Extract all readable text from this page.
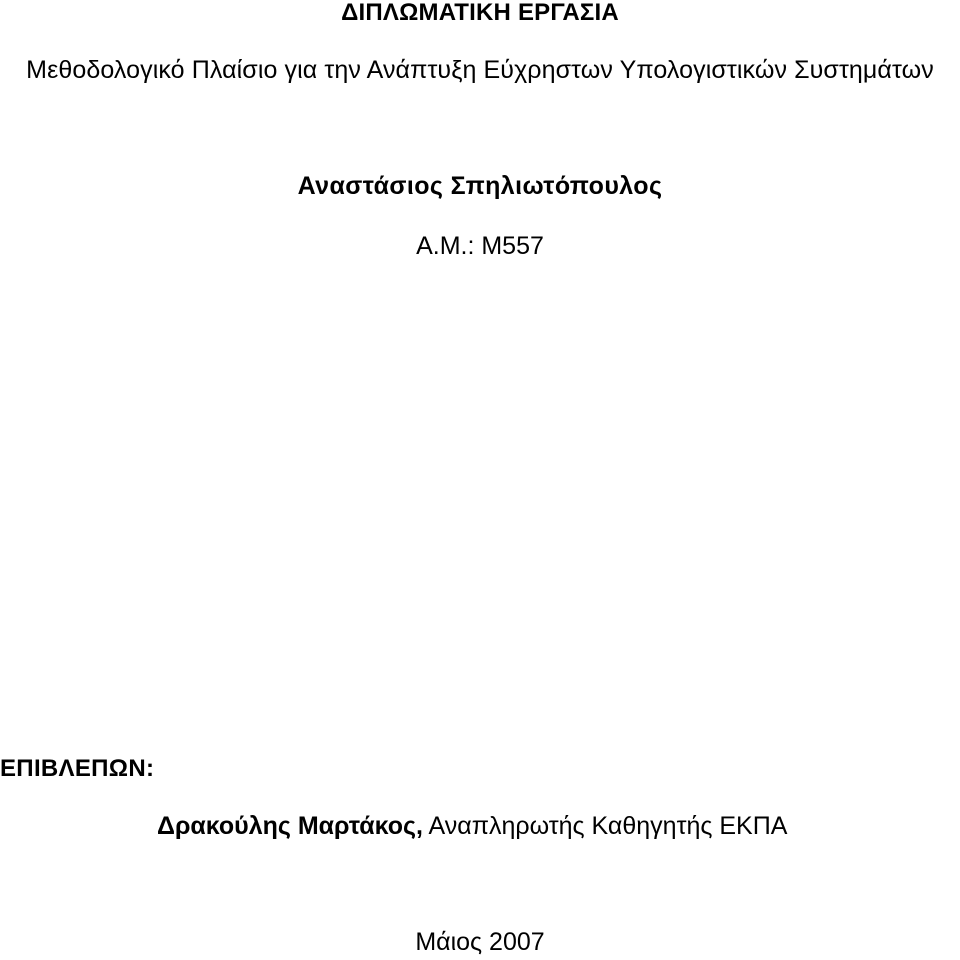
ΔΙΠΛΩΜΑΤΙΚΗ ΕΡΓΑΣΙΑ

Μεθοδολογικό Πλαίσιο για την Ανάπτυξη Εύχρηστων Υπολογιστικών Συστημάτων

Αναστάσιος Σπηλιωτόπουλος

Α.Μ.: Μ557

ΕΠΙΒΛΕΠΩΝ:

Δρακούλης Μαρτάκος, Αναπληρωτής Καθηγητής ΕΚΠΑ

Μάιος 2007
